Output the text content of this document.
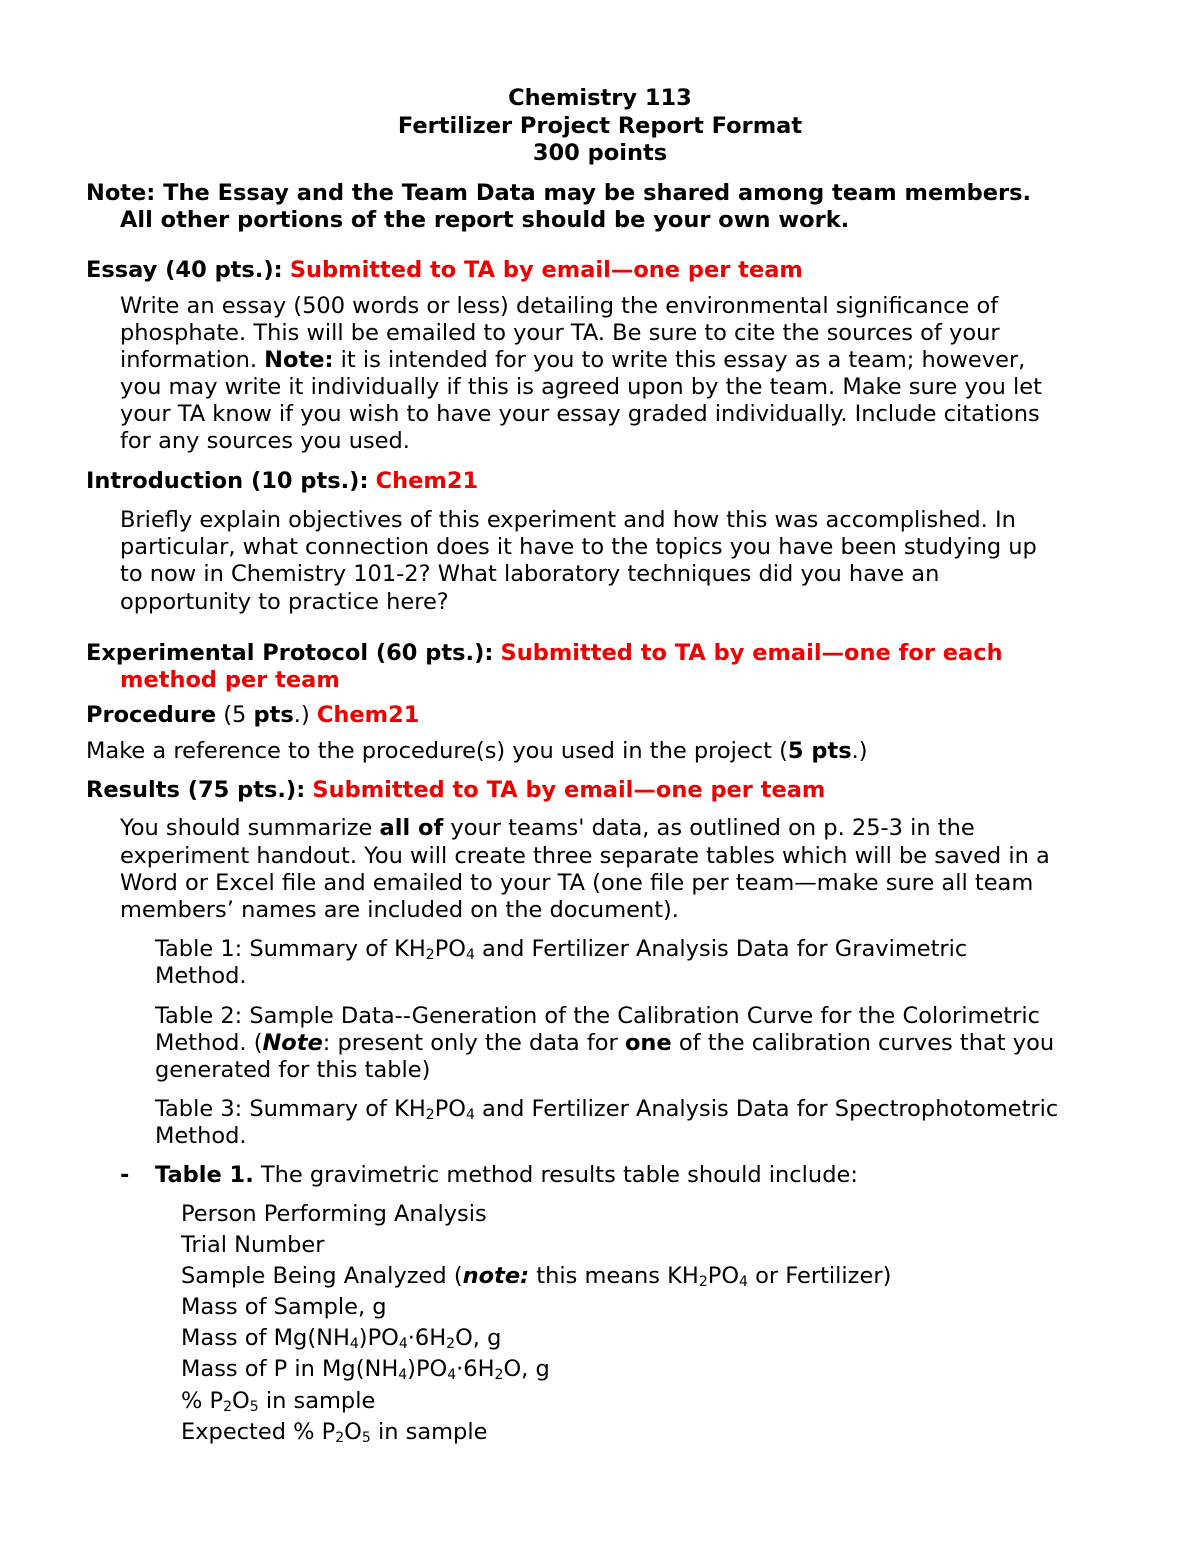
Chemistry 113
Fertilizer Project Report Format
300 points
Note: The Essay and the Team Data may be shared among team members.
All other portions of the report should be your own work.
Essay (40 pts.): Submitted to TA by email—one per team
Write an essay (500 words or less) detailing the environmental significance of
phosphate. This will be emailed to your TA. Be sure to cite the sources of your
information. Note: it is intended for you to write this essay as a team; however,
you may write it individually if this is agreed upon by the team. Make sure you let
your TA know if you wish to have your essay graded individually. Include citations
for any sources you used.
Introduction (10 pts.): Chem21
Briefly explain objectives of this experiment and how this was accomplished. In
particular, what connection does it have to the topics you have been studying up
to now in Chemistry 101-2? What laboratory techniques did you have an
opportunity to practice here?
Experimental Protocol (60 pts.): Submitted to TA by email—one for each
method per team
Procedure (5 pts.) Chem21
Make a reference to the procedure(s) you used in the project (5 pts.)
Results (75 pts.): Submitted to TA by email—one per team
You should summarize all of your teams' data, as outlined on p. 25-3 in the
experiment handout. You will create three separate tables which will be saved in a
Word or Excel file and emailed to your TA (one file per team—make sure all team
members’ names are included on the document).
Table 1: Summary of $KH_2PO_4$ and Fertilizer Analysis Data for Gravimetric
Method.
Table 2: Sample Data--Generation of the Calibration Curve for the Colorimetric
Method. (Note: present only the data for one of the calibration curves that you
generated for this table)
Table 3: Summary of $KH_2PO_4$ and Fertilizer Analysis Data for Spectrophotometric
Method.
- Table 1. The gravimetric method results table should include:
Person Performing Analysis
Trial Number
Sample Being Analyzed (note: this means $KH_2PO_4$ or Fertilizer)
Mass of Sample, g
Mass of $Mg(NH_4)PO_4\cdot 6H_2O$, g
Mass of P in $Mg(NH_4)PO_4\cdot 6H_2O$, g
% $P_2O_5$ in sample
Expected % $P_2O_5$ in sample
